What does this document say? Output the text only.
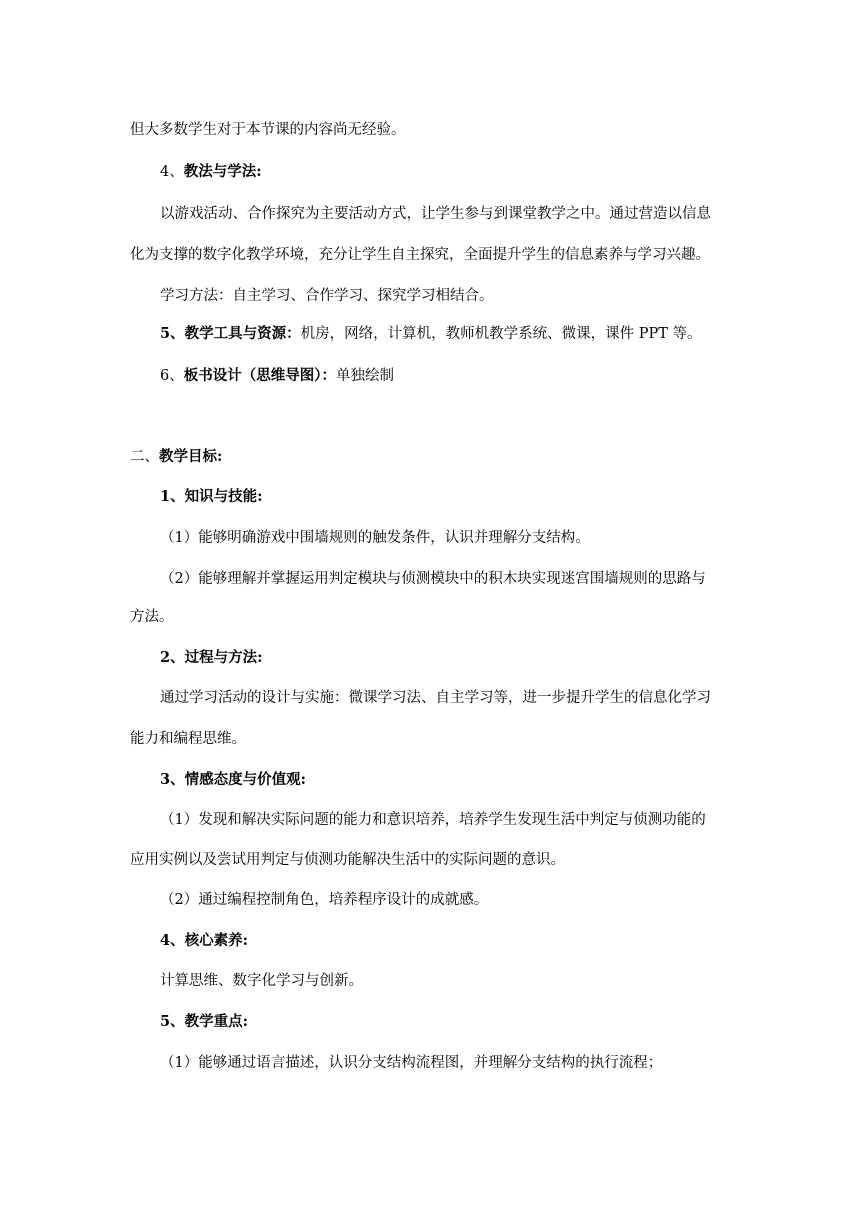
但大多数学生对于本节课的内容尚无经验。
4、教法与学法:
以游戏活动、合作探究为主要活动方式，让学生参与到课堂教学之中。通过营造以信息
化为支撑的数字化教学环境，充分让学生自主探究，全面提升学生的信息素养与学习兴趣。
学习方法：自主学习、合作学习、探究学习相结合。
5、教学工具与资源：机房，网络，计算机，教师机教学系统、微课，课件 PPT 等。
6、板书设计（思维导图）：单独绘制
二、教学目标:
1、知识与技能:
（1）能够明确游戏中围墙规则的触发条件，认识并理解分支结构。
（2）能够理解并掌握运用判定模块与侦测模块中的积木块实现迷宫围墙规则的思路与
方法。
2、过程与方法:
通过学习活动的设计与实施：微课学习法、自主学习等，进一步提升学生的信息化学习
能力和编程思维。
3、情感态度与价值观:
（1）发现和解决实际问题的能力和意识培养，培养学生发现生活中判定与侦测功能的
应用实例以及尝试用判定与侦测功能解决生活中的实际问题的意识。
（2）通过编程控制角色，培养程序设计的成就感。
4、核心素养:
计算思维、数字化学习与创新。
5、教学重点:
（1）能够通过语言描述，认识分支结构流程图，并理解分支结构的执行流程；
